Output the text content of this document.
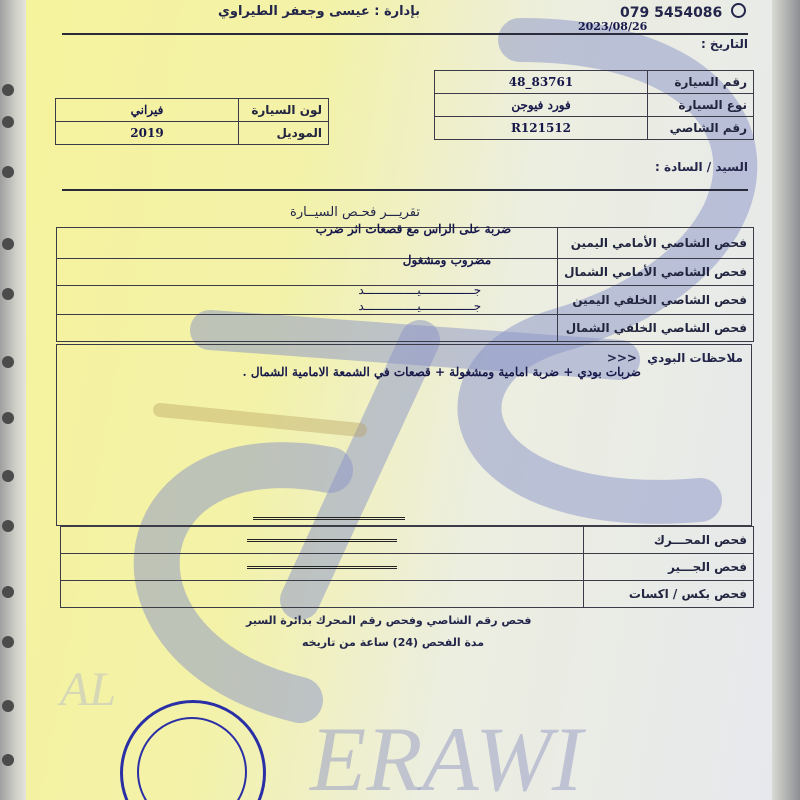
AL
ERAWI
بإدارة : عيسى وجعفر الطيراوي	079 5454086
2023/08/26
التاريخ :
48_83761	رقم السيارة
فورد فيوجن	نوع السيارة
R121512	رقم الشاصي
فيراني	لون السيارة
2019	الموديل
السيد / السادة :
تقريـــر فحـص السيــارة
ضربة على الراس مع قصعات اثر ضرب	فحص الشاصي الأمامي اليمين
مضروب ومشغول	فحص الشاصي الأمامي الشمال
جـــــــــــــــيـــــــــــــــد	فحص الشاصي الخلفي اليمين
جـــــــــــــــيـــــــــــــــد	فحص الشاصي الخلفي الشمال
ملاحظات البودي >>>
ضربات بودي + ضربة امامية ومشغولة + قصعات في الشمعة الامامية الشمال .
	فحص المحـــرك
	فحص الجـــير
	فحص بكس / اكسات
فحص رقم الشاصي وفحص رقم المحرك بدائرة السير
مدة الفحص (24) ساعة من تاريخه
